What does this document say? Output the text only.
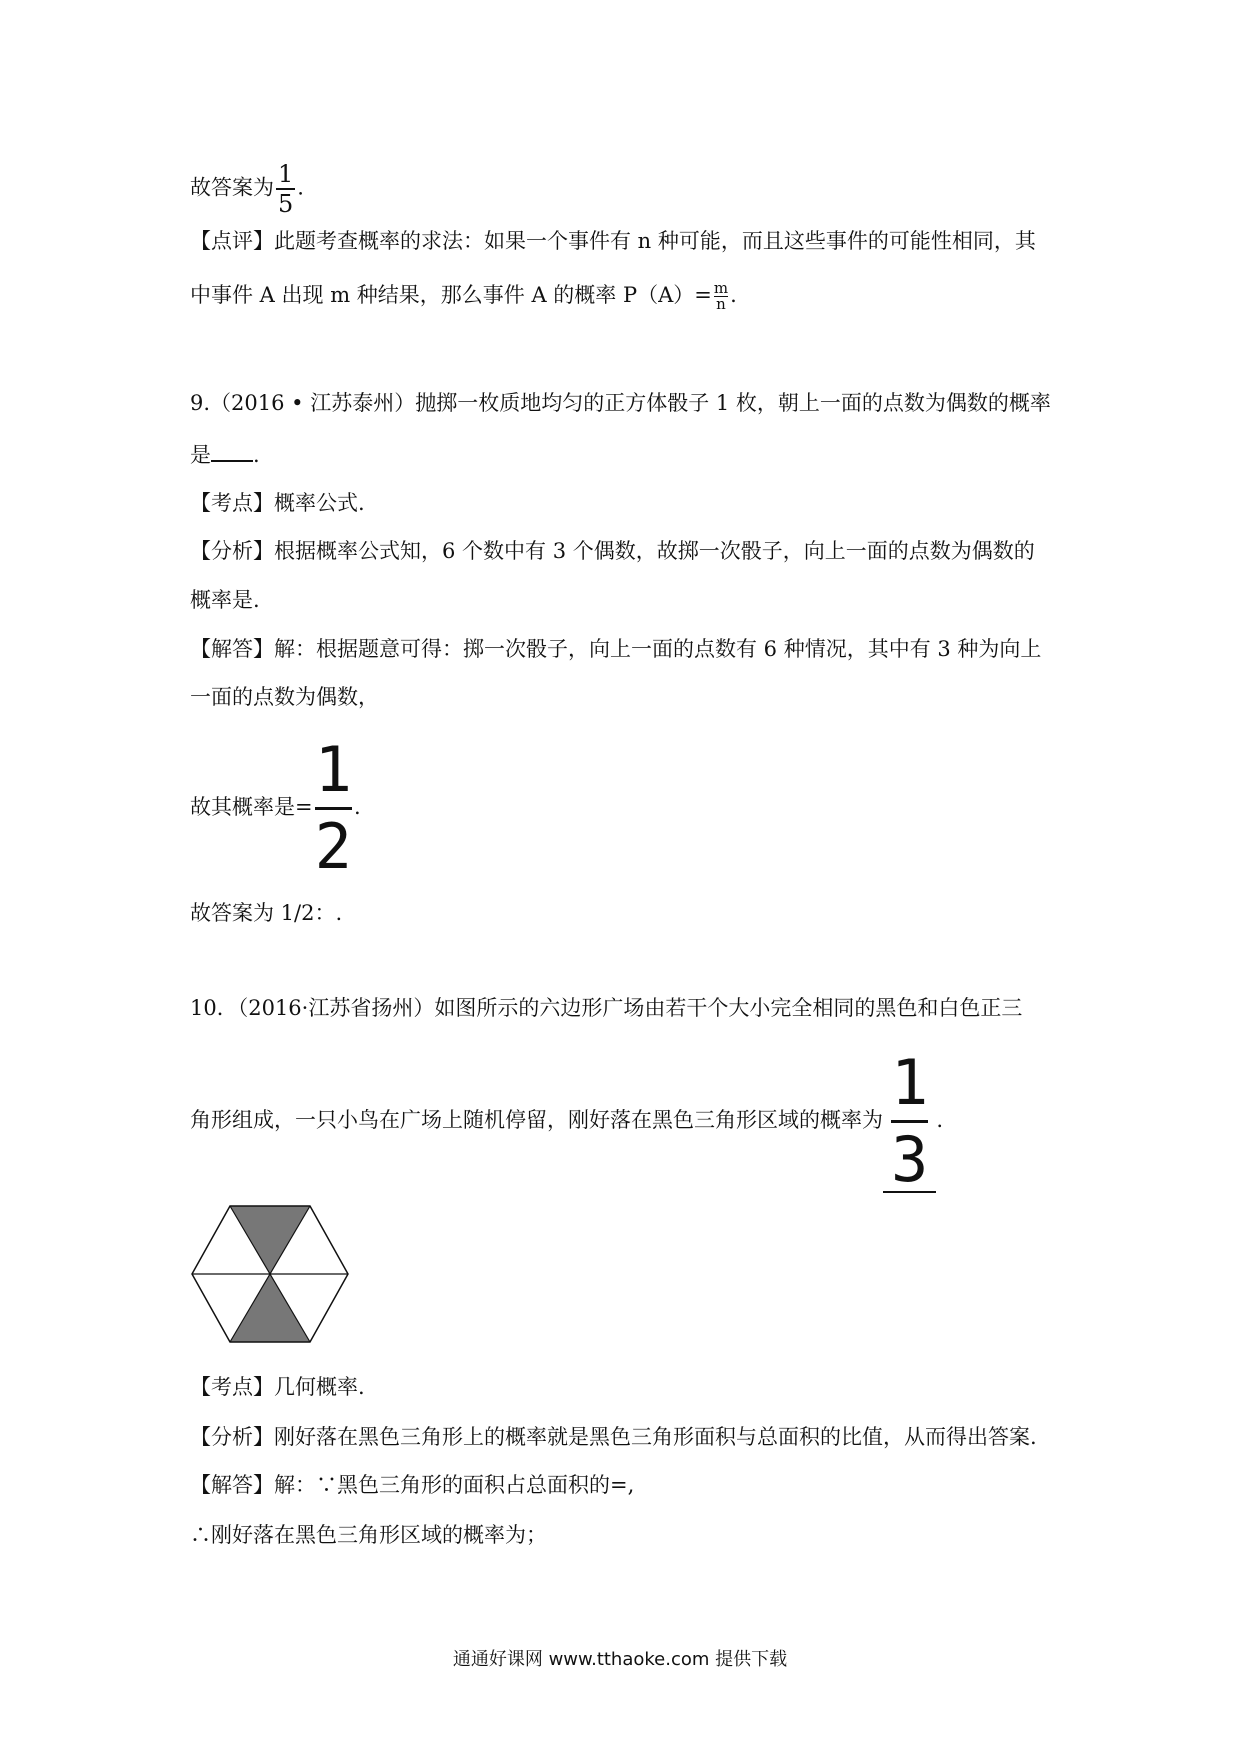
故答案为 $\frac{1}{5}$ .
【点评】此题考查概率的求法：如果一个事件有 n 种可能，而且这些事件的可能性相同，其
中事件 A 出现 m 种结果，那么事件 A 的概率 $P(A)= \frac{m}{n}$ .
9.（2016 • 江苏泰州）抛掷一枚质地均匀的正方体骰子 1 枚，朝上一面的点数为偶数的概率
是 .
【考点】概率公式.
【分析】根据概率公式知，6 个数中有 3 个偶数，故掷一次骰子，向上一面的点数为偶数的
概率是.
【解答】解：根据题意可得：掷一次骰子，向上一面的点数有 6 种情况，其中有 3 种为向上
一面的点数为偶数，
故其概率是= $\frac{1}{2}$ .
故答案为 1/2：.
10．（2016·江苏省扬州）如图所示的六边形广场由若干个大小完全相同的黑色和白色正三
角形组成，一只小鸟在广场上随机停留，刚好落在黑色三角形区域的概率为 $\frac{1}{3}$ .
【考点】几何概率.
【分析】刚好落在黑色三角形上的概率就是黑色三角形面积与总面积的比值，从而得出答案.
【解答】解：∵黑色三角形的面积占总面积的=,
∴刚好落在黑色三角形区域的概率为；
通通好课网 www.tthaoke.com 提供下载
